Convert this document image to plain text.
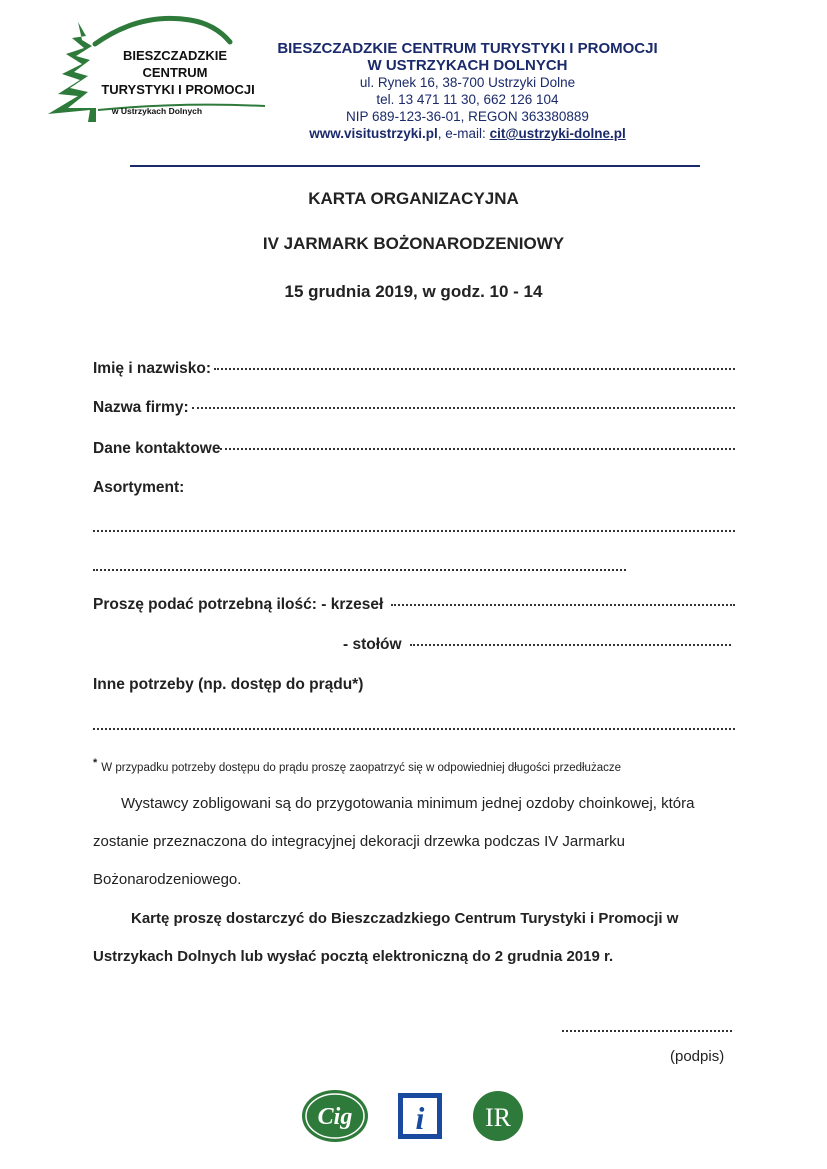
BIESZCZADZKIE
CENTRUM
TURYSTYKI I PROMOCJI
w Ustrzykach Dolnych
BIESZCZADZKIE CENTRUM TURYSTYKI I PROMOCJI
W USTRZYKACH DOLNYCH
ul. Rynek 16, 38-700 Ustrzyki Dolne
tel. 13 471 11 30, 662 126 104
NIP 689-123-36-01, REGON 363380889
www.visitustrzyki.pl, e-mail: cit@ustrzyki-dolne.pl
KARTA ORGANIZACYJNA
IV JARMARK BOŻONARODZENIOWY
15 grudnia 2019, w godz. 10 - 14
Imię i nazwisko:
Nazwa firmy:
Dane kontaktowe
Asortyment:
Proszę podać potrzebną ilość: - krzeseł
- stołów
Inne potrzeby (np. dostęp do prądu*)
* W przypadku potrzeby dostępu do prądu proszę zaopatrzyć się w odpowiedniej długości przedłużacze
Wystawcy zobligowani są do przygotowania minimum jednej ozdoby choinkowej, która zostanie przeznaczona do integracyjnej dekoracji drzewka podczas IV Jarmarku Bożonarodzeniowego.
Kartę proszę dostarczyć do Bieszczadzkiego Centrum Turystyki i Promocji w Ustrzykach Dolnych lub wysłać pocztą elektroniczną do 2 grudnia 2019 r.
(podpis)
Cig i IR
